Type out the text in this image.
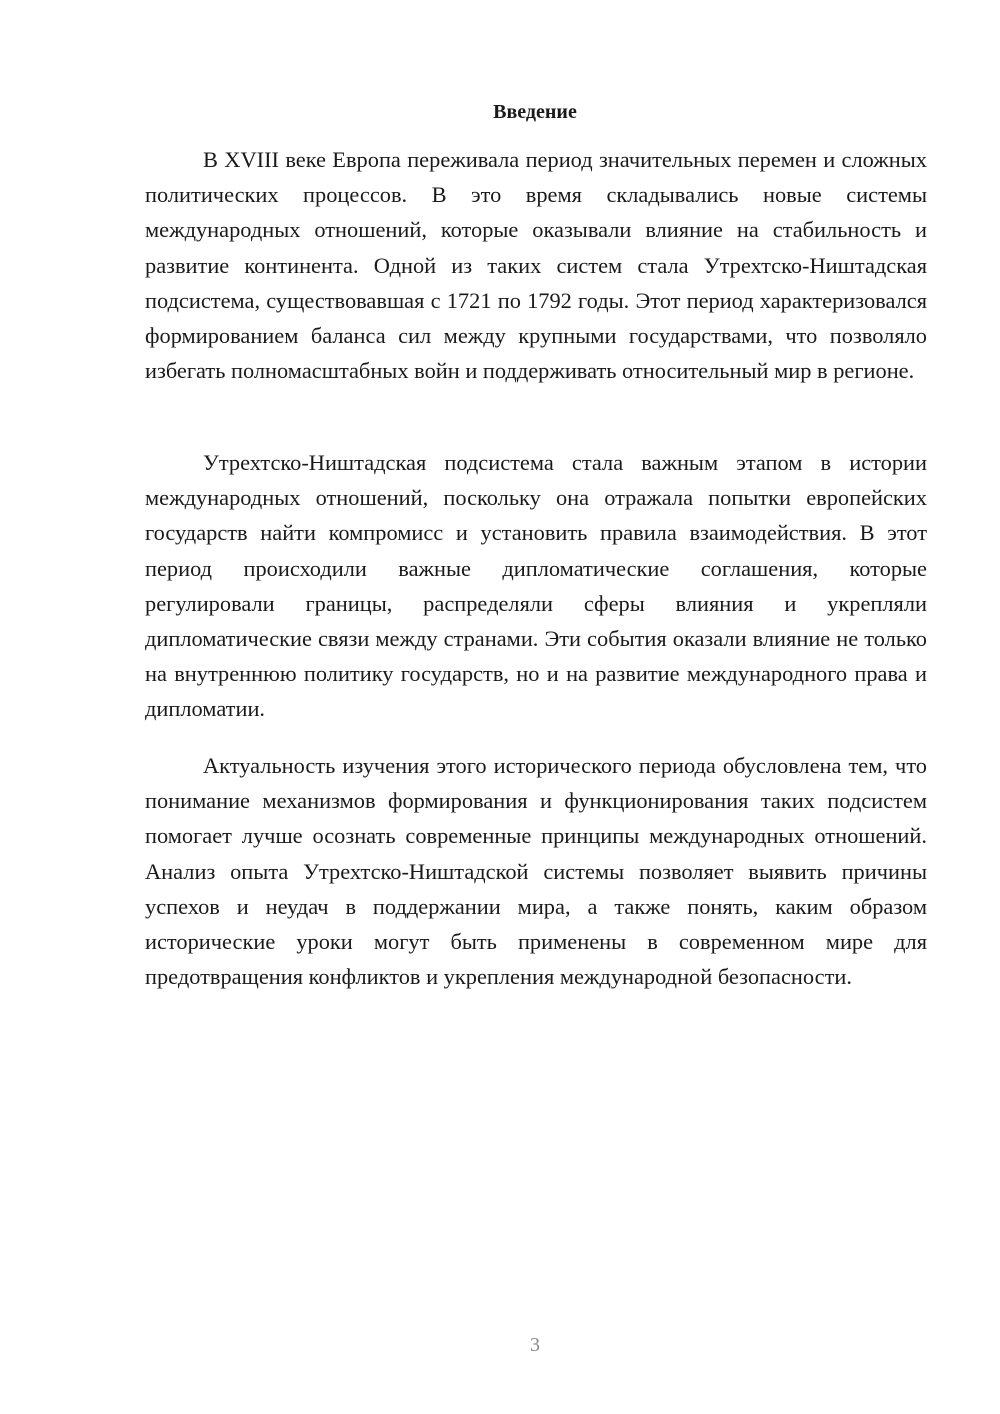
Введение

В XVIII веке Европа переживала период значительных перемен и сложных политических процессов. В это время складывались новые системы международных отношений, которые оказывали влияние на стабильность и развитие континента. Одной из таких систем стала Утрехтско-Ништадская подсистема, существовавшая с 1721 по 1792 годы. Этот период характеризовался формированием баланса сил между крупными государствами, что позволяло избегать полномасштабных войн и поддерживать относительный мир в регионе.

Утрехтско-Ништадская подсистема стала важным этапом в истории международных отношений, поскольку она отражала попытки европейских государств найти компромисс и установить правила взаимодействия. В этот период происходили важные дипломатические соглашения, которые регулировали границы, распределяли сферы влияния и укрепляли дипломатические связи между странами. Эти события оказали влияние не только на внутреннюю политику государств, но и на развитие международного права и дипломатии.

Актуальность изучения этого исторического периода обусловлена тем, что понимание механизмов формирования и функционирования таких подсистем помогает лучше осознать современные принципы международных отношений. Анализ опыта Утрехтско-Ништадской системы позволяет выявить причины успехов и неудач в поддержании мира, а также понять, каким образом исторические уроки могут быть применены в современном мире для предотвращения конфликтов и укрепления международной безопасности.

3
